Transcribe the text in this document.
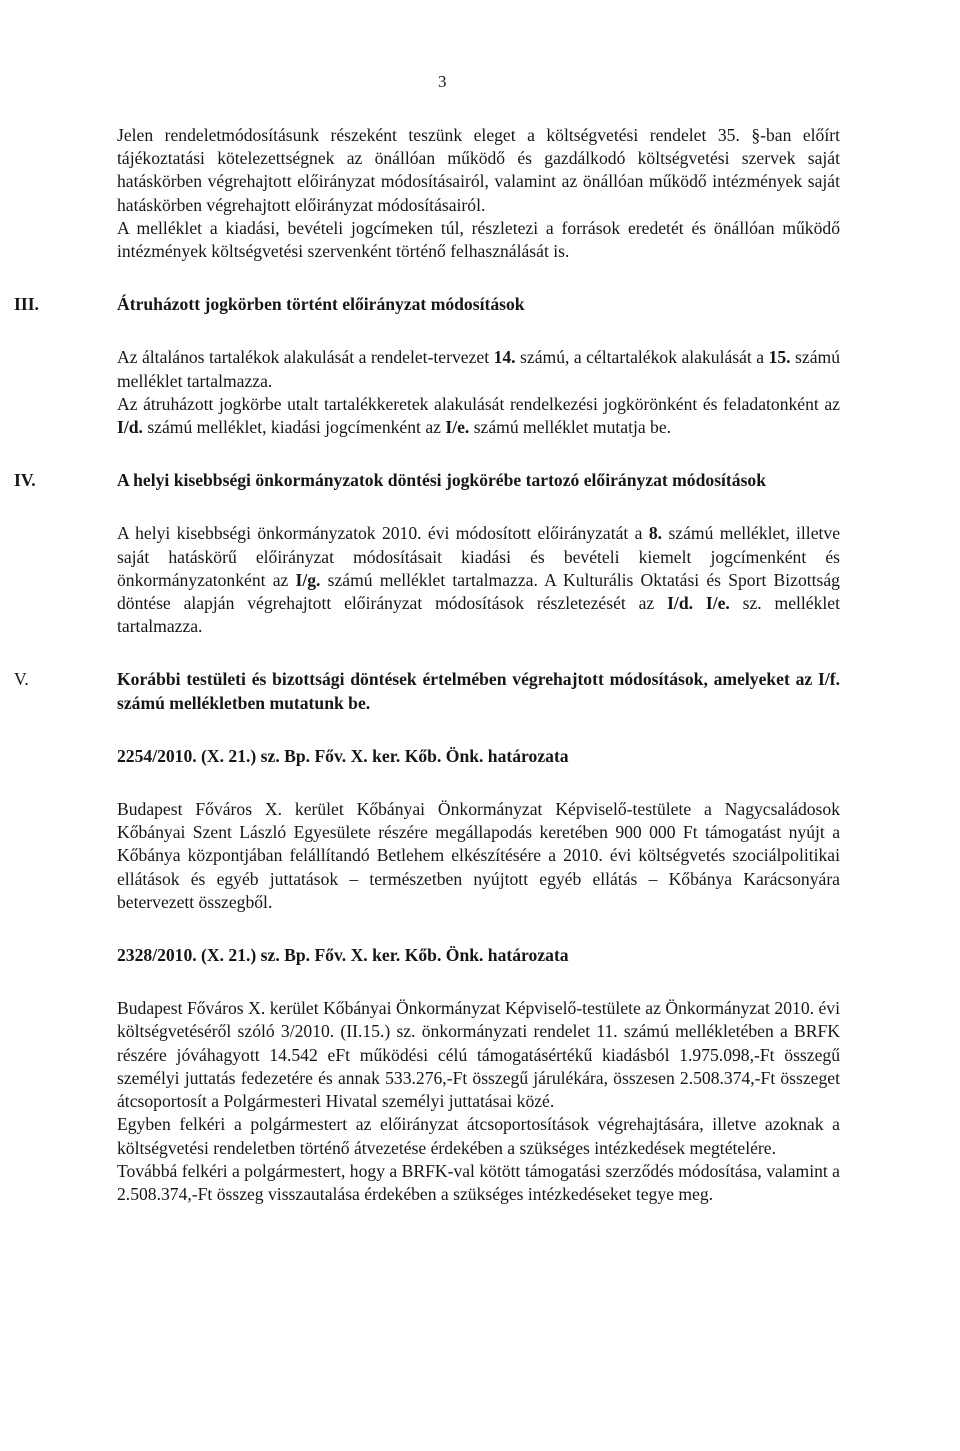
3

Jelen rendeletmódosításunk részeként teszünk eleget a költségvetési rendelet 35. §-ban előírt tájékoztatási kötelezettségnek az önállóan működő és gazdálkodó költségvetési szervek saját hatáskörben végrehajtott előirányzat módosításairól, valamint az önállóan működő intézmények saját hatáskörben végrehajtott előirányzat módosításairól.

A melléklet a kiadási, bevételi jogcímeken túl, részletezi a források eredetét és önállóan működő intézmények költségvetési szervenként történő felhasználását is.

III.	Átruházott jogkörben történt előirányzat módosítások

Az általános tartalékok alakulását a rendelet-tervezet 14. számú, a céltartalékok alakulását a 15. számú melléklet tartalmazza.

Az átruházott jogkörbe utalt tartalékkeretek alakulását rendelkezési jogkörönként és feladatonként az I/d. számú melléklet, kiadási jogcímenként az I/e. számú melléklet mutatja be.

IV.	A helyi kisebbségi önkormányzatok döntési jogkörébe tartozó előirányzat módosítások

A helyi kisebbségi önkormányzatok 2010. évi módosított előirányzatát a 8. számú melléklet, illetve saját hatáskörű előirányzat módosításait kiadási és bevételi kiemelt jogcímenként és önkormányzatonként az I/g. számú melléklet tartalmazza. A Kulturális Oktatási és Sport Bizottság döntése alapján végrehajtott előirányzat módosítások részletezését az I/d. I/e. sz. melléklet tartalmazza.

V.	Korábbi testületi és bizottsági döntések értelmében végrehajtott módosítások, amelyeket az I/f. számú mellékletben mutatunk be.

2254/2010. (X. 21.) sz. Bp. Főv. X. ker. Kőb. Önk. határozata

Budapest Főváros X. kerület Kőbányai Önkormányzat Képviselő-testülete a Nagycsaládosok Kőbányai Szent László Egyesülete részére megállapodás keretében 900 000 Ft támogatást nyújt a Kőbánya központjában felállítandó Betlehem elkészítésére a 2010. évi költségvetés szociálpolitikai ellátások és egyéb juttatások – természetben nyújtott egyéb ellátás – Kőbánya Karácsonyára betervezett összegből.

2328/2010. (X. 21.) sz. Bp. Főv. X. ker. Kőb. Önk. határozata

Budapest Főváros X. kerület Kőbányai Önkormányzat Képviselő-testülete az Önkormányzat 2010. évi költségvetéséről szóló 3/2010. (II.15.) sz. önkormányzati rendelet 11. számú mellékletében a BRFK részére jóváhagyott 14.542 eFt működési célú támogatásértékű kiadásból 1.975.098,-Ft összegű személyi juttatás fedezetére és annak 533.276,-Ft összegű járulékára, összesen 2.508.374,-Ft összeget átcsoportosít a Polgármesteri Hivatal személyi juttatásai közé.

Egyben felkéri a polgármestert az előirányzat átcsoportosítások végrehajtására, illetve azoknak a költségvetési rendeletben történő átvezetése érdekében a szükséges intézkedések megtételére.

Továbbá felkéri a polgármestert, hogy a BRFK-val kötött támogatási szerződés módosítása, valamint a 2.508.374,-Ft összeg visszautalása érdekében a szükséges intézkedéseket tegye meg.
